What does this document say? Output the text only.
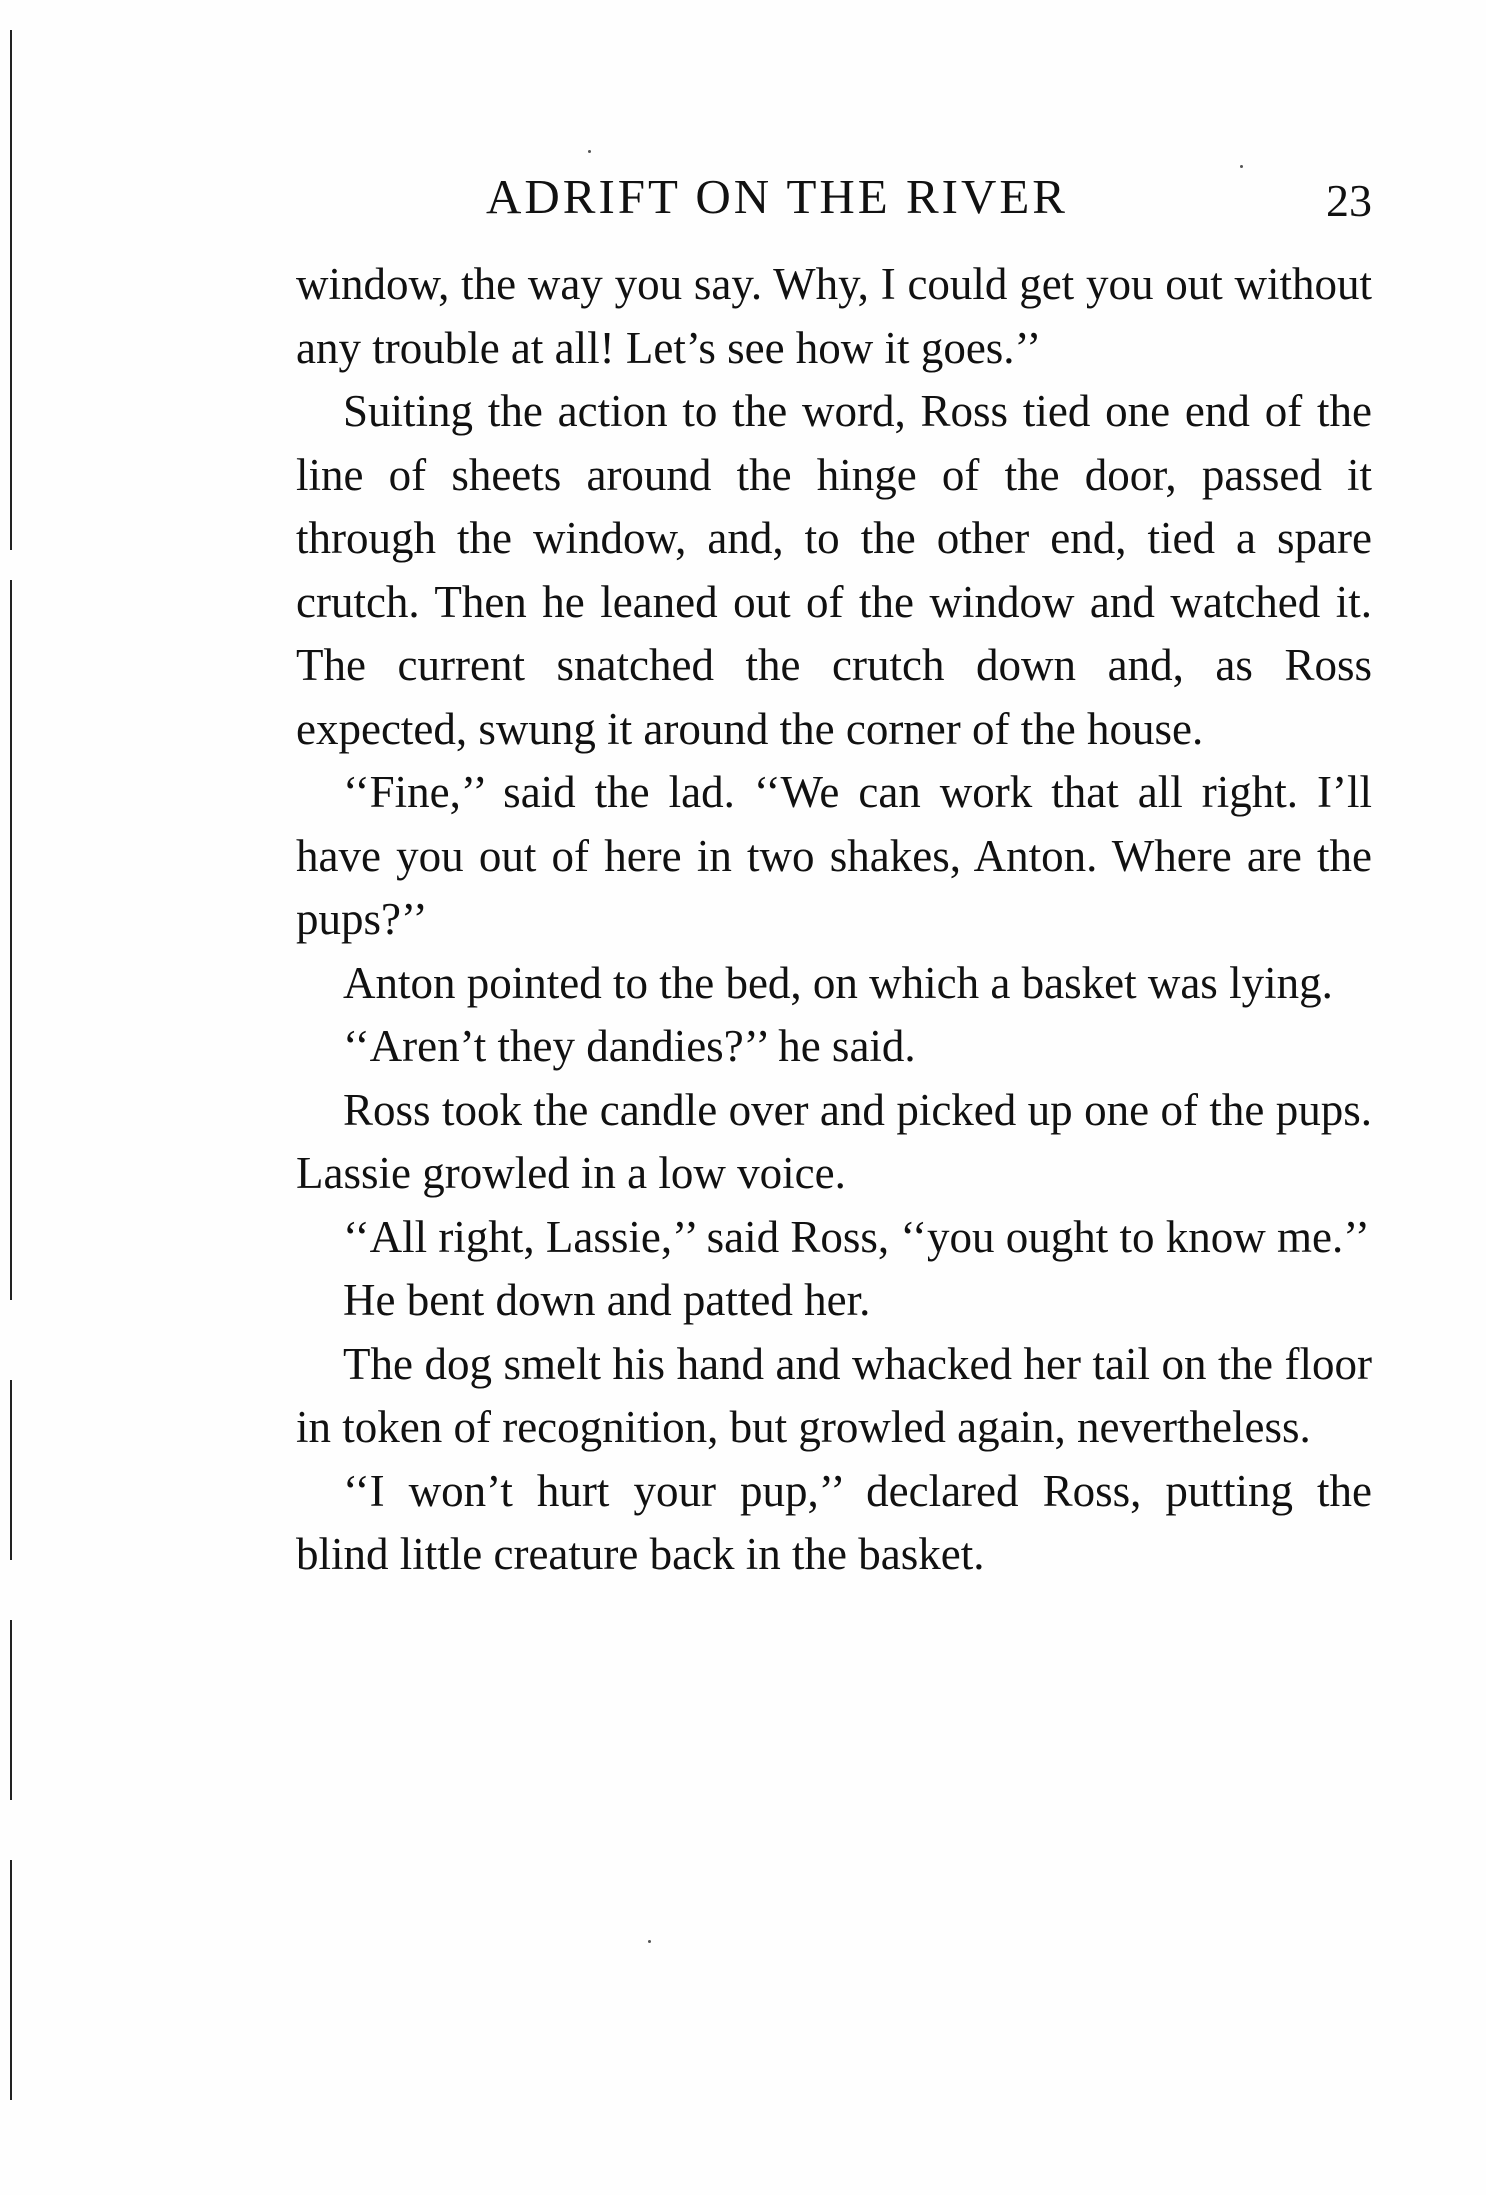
ADRIFT ON THE RIVER	23

window, the way you say. Why, I could get you out without any trouble at all! Let’s see how it goes.’’

Suiting the action to the word, Ross tied one end of the line of sheets around the hinge of the door, passed it through the window, and, to the other end, tied a spare crutch. Then he leaned out of the window and watched it. The current snatched the crutch down and, as Ross expected, swung it around the corner of the house.

‘‘Fine,’’ said the lad. ‘‘We can work that all right. I’ll have you out of here in two shakes, Anton. Where are the pups?’’

Anton pointed to the bed, on which a basket was lying.

‘‘Aren’t they dandies?’’ he said.

Ross took the candle over and picked up one of the pups. Lassie growled in a low voice.

‘‘All right, Lassie,’’ said Ross, ‘‘you ought to know me.’’

He bent down and patted her.

The dog smelt his hand and whacked her tail on the floor in token of recognition, but growled again, nevertheless.

‘‘I won’t hurt your pup,’’ declared Ross, putting the blind little creature back in the basket.
